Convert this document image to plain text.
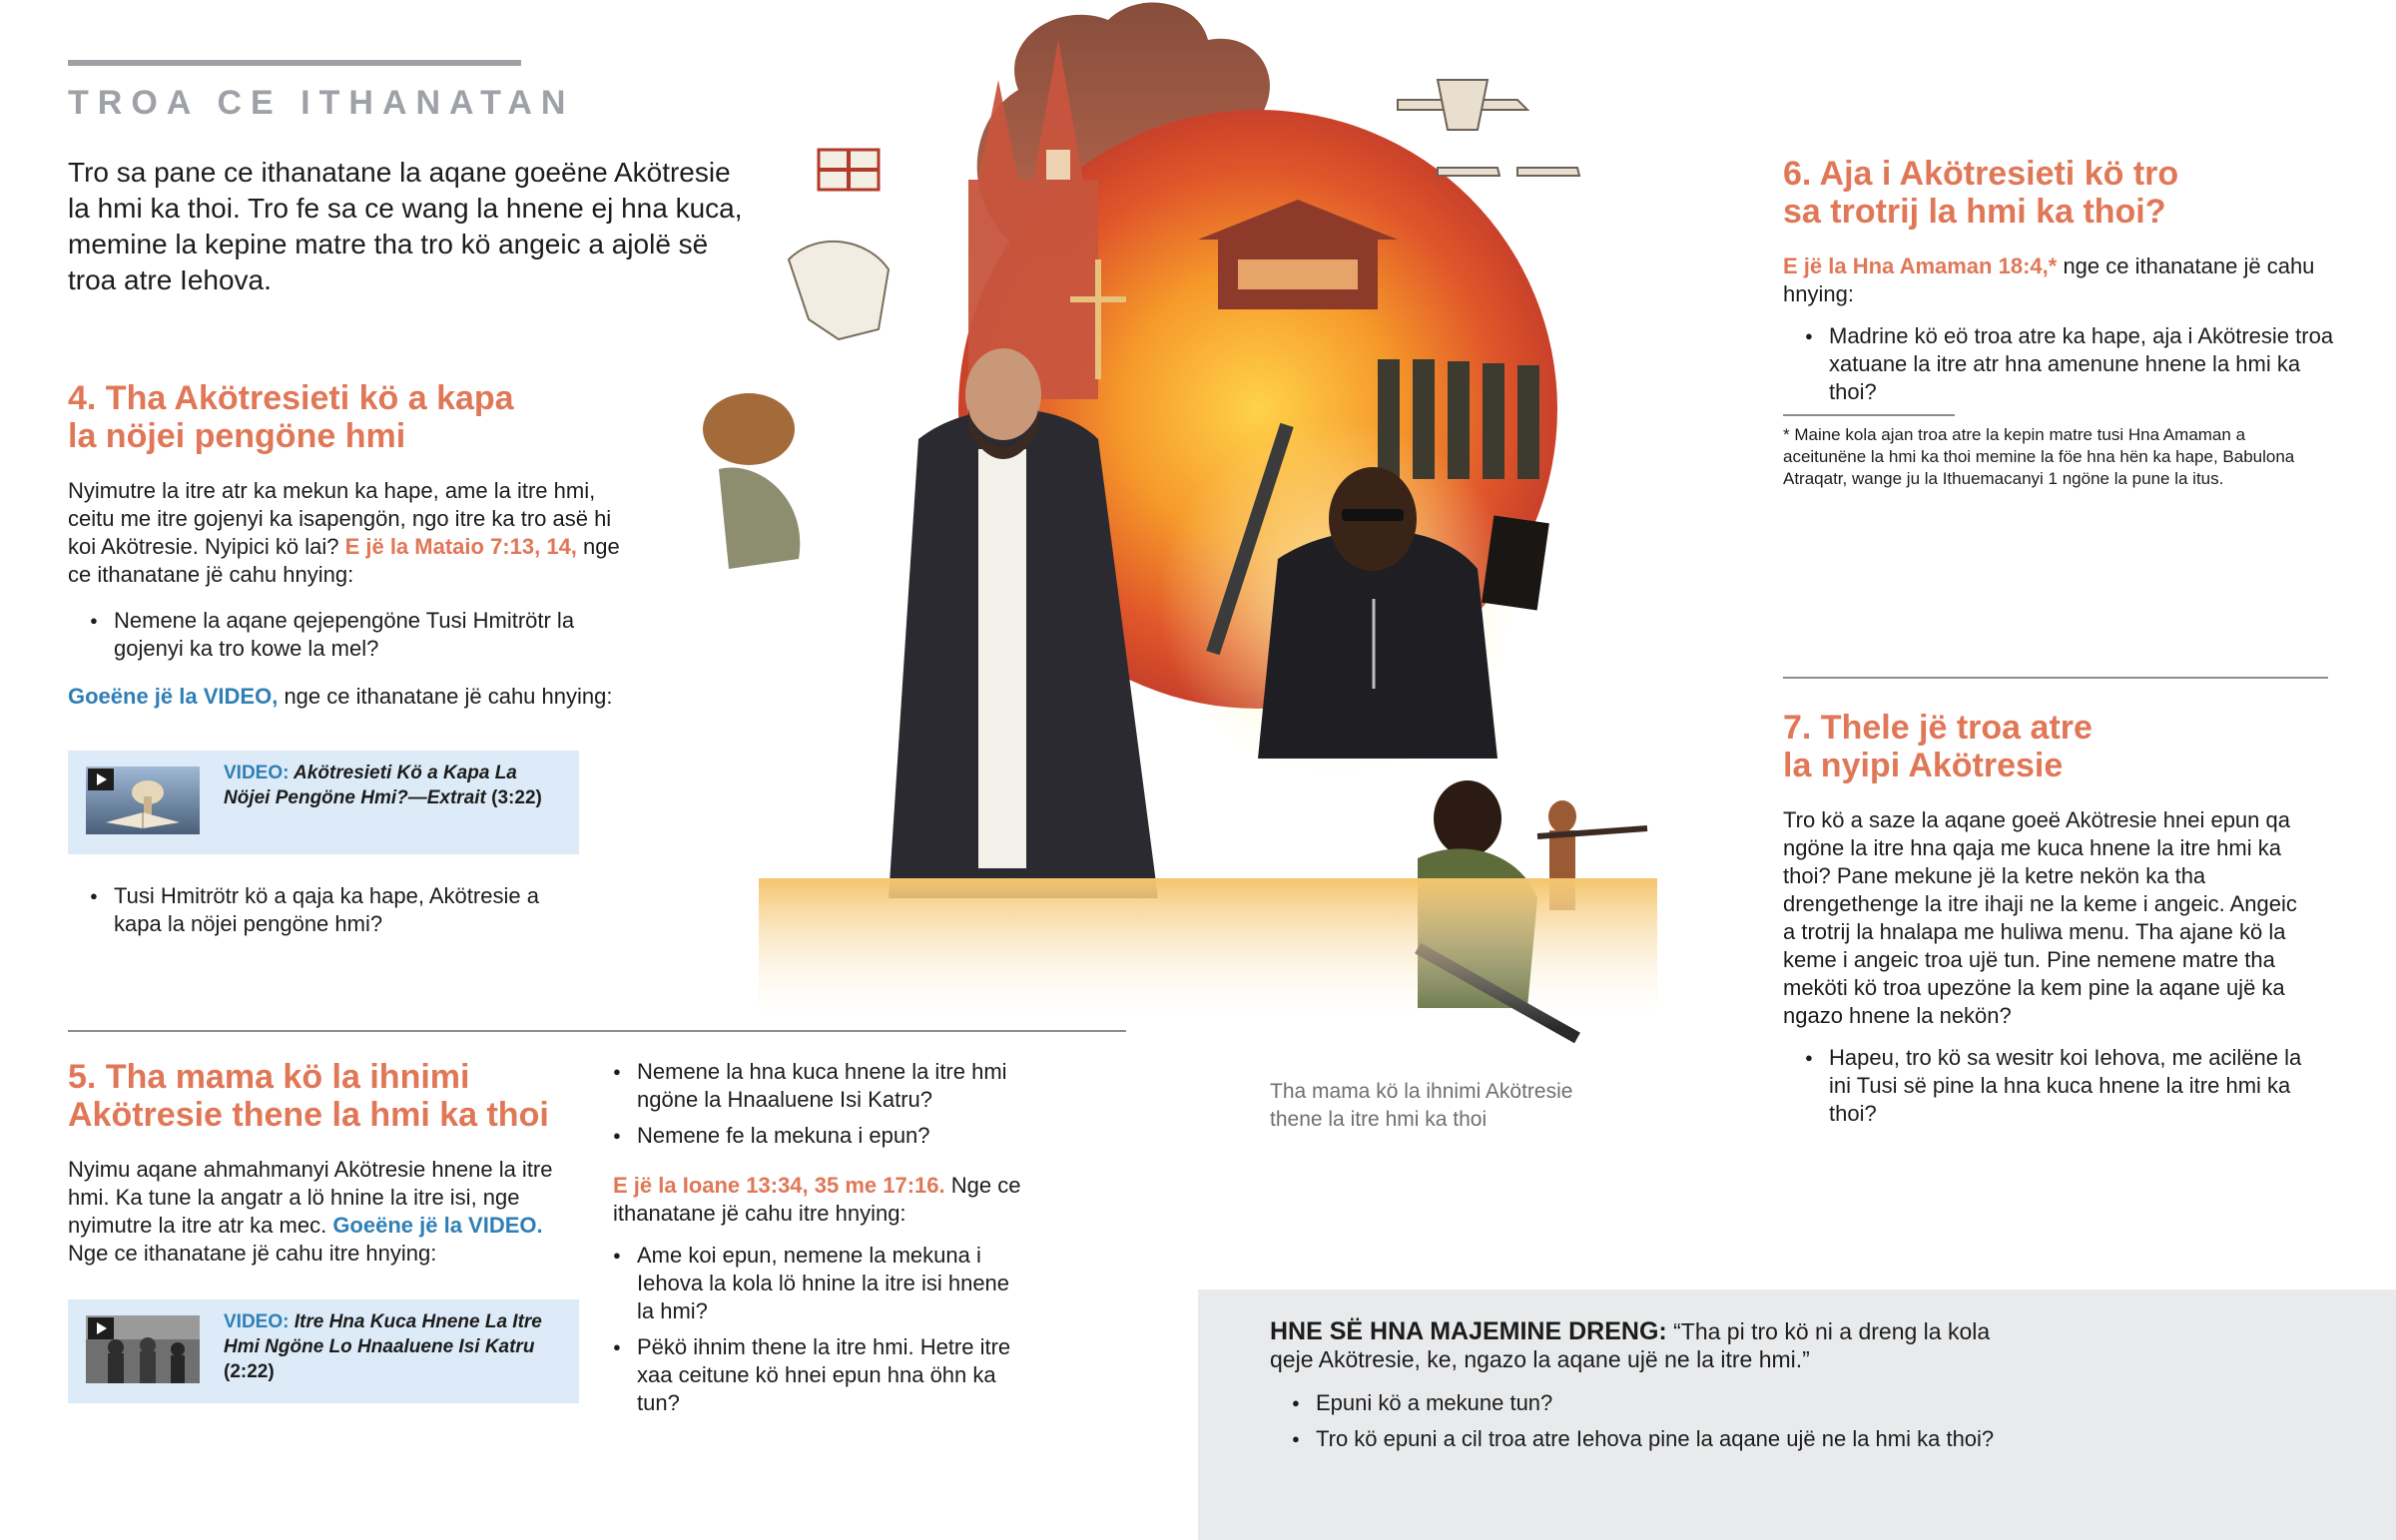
TROA CE ITHANATAN

Tro sa pane ce ithanatane la aqane goeëne Akötresie la hmi ka thoi. Tro fe sa ce wang la hnene ej hna kuca, memine la kepine matre tha tro kö angeic a ajolë së troa atre Iehova.

4. Tha Akötresieti kö a kapa
la nöjei pengöne hmi

Nyimutre la itre atr ka mekun ka hape, ame la itre hmi, ceitu me itre gojenyi ka isapengön, ngo itre ka tro asë hi koi Akötresie. Nyipici kö lai? E jë la Mataio 7:13, 14, nge ce ithanatane jë cahu hnying:

● Nemene la aqane qejepengöne Tusi Hmitrötr la gojenyi ka tro kowe la mel?

Goeëne jë la VIDEO, nge ce ithanatane jë cahu hnying:

VIDEO: Akötresieti Kö a Kapa La Nöjei Pengöne Hmi?—Extrait (3:22)
● Tusi Hmitrötr kö a qaja ka hape, Akötresie a kapa la nöjei pengöne hmi?
5. Tha mama kö la ihnimi
Akötresie thene la hmi ka thoi

Nyimu aqane ahmahmanyi Akötresie hnene la itre hmi. Ka tune la angatr a lö hnine la itre isi, nge nyimutre la itre atr ka mec. Goeëne jë la VIDEO. Nge ce ithanatane jë cahu itre hnying:

VIDEO: Itre Hna Kuca Hnene La Itre Hmi Ngöne Lo Hnaaluene Isi Katru (2:22)
● Nemene la hna kuca hnene la itre hmi ngöne la Hnaaluene Isi Katru?
● Nemene fe la mekuna i epun?

E jë la Ioane 13:34, 35 me 17:16. Nge ce ithanatane jë cahu itre hnying:

● Ame koi epun, nemene la mekuna i Iehova la kola lö hnine la itre isi hnene la hmi?
● Pëkö ihnim thene la itre hmi. Hetre itre xaa ceitune kö hnei epun hna öhn ka tun?
Tha mama kö la ihnimi Akötresie
thene la itre hmi ka thoi
6. Aja i Akötresieti kö tro
sa trotrij la hmi ka thoi?

E jë la Hna Amaman 18:4,* nge ce ithanatane jë cahu hnying:

● Madrine kö eö troa atre ka hape, aja i Akötresie troa xatuane la itre atr hna amenune hnene la hmi ka thoi?

* Maine kola ajan troa atre la kepin matre tusi Hna Amaman a aceitunëne la hmi ka thoi memine la föe hna hën ka hape, Babulona Atraqatr, wange ju la Ithuemacanyi 1 ngöne la pune la itus.

7. Thele jë troa atre
la nyipi Akötresie

Tro kö a saze la aqane goeë Akötresie hnei epun qa ngöne la itre hna qaja me kuca hnene la itre hmi ka thoi? Pane mekune jë la ketre nekön ka tha drengethenge la itre ihaji ne la keme i angeic. Angeic a trotrij la hnalapa me huliwa menu. Tha ajane kö la keme i angeic troa ujë tun. Pine nemene matre tha meköti kö troa upezöne la kem pine la aqane ujë ka ngazo hnene la nekön?

● Hapeu, tro kö sa wesitr koi Iehova, me acilëne la ini Tusi së pine la hna kuca hnene la itre hmi ka thoi?

HNE SË HNA MAJEMINE DRENG: “Tha pi tro kö ni a dreng la kola qeje Akötresie, ke, ngazo la aqane ujë ne la itre hmi.”

● Epuni kö a mekune tun?
● Tro kö epuni a cil troa atre Iehova pine la aqane ujë ne la hmi ka thoi?
